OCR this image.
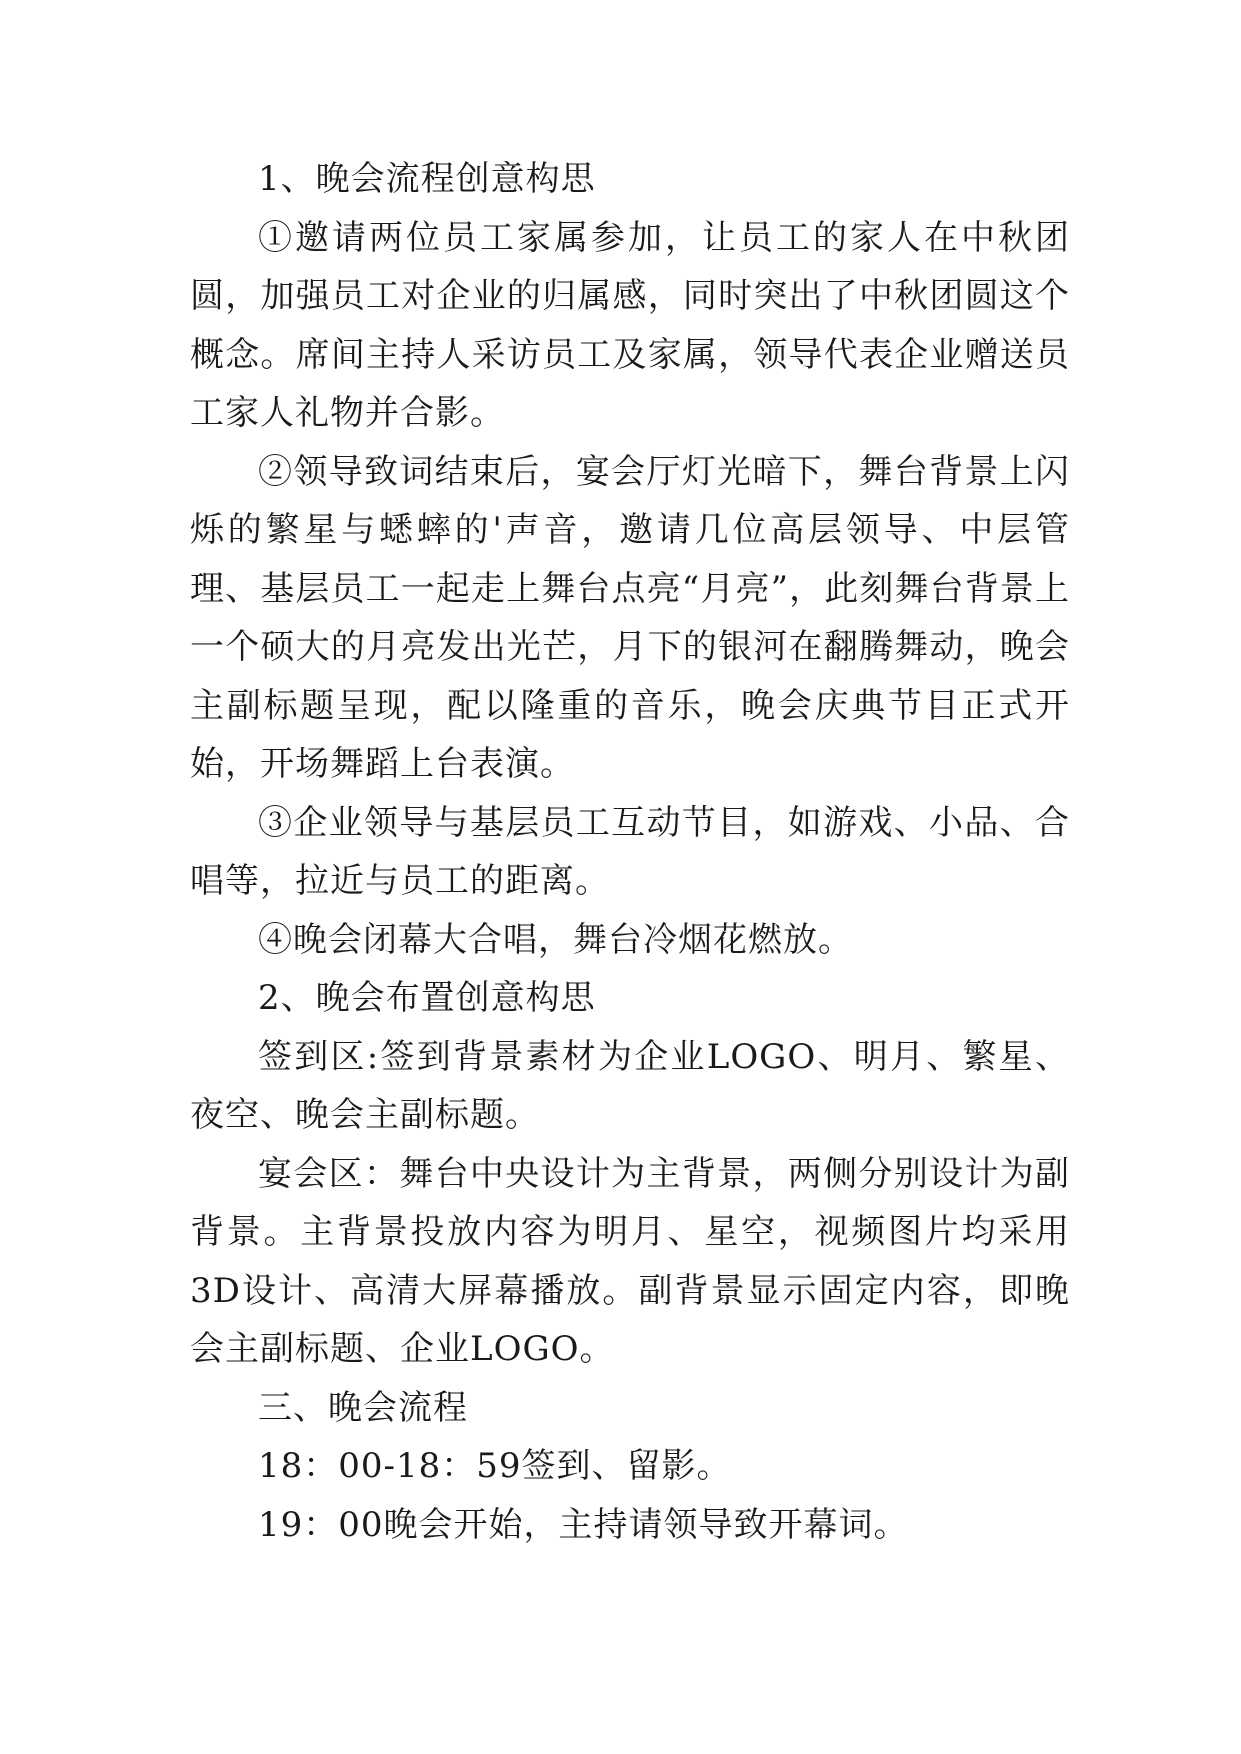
1、晚会流程创意构思

①邀请两位员工家属参加，让员工的家人在中秋团圆，加强员工对企业的归属感，同时突出了中秋团圆这个概念。席间主持人采访员工及家属，领导代表企业赠送员工家人礼物并合影。

②领导致词结束后，宴会厅灯光暗下，舞台背景上闪烁的繁星与蟋蟀的'声音，邀请几位高层领导、中层管理、基层员工一起走上舞台点亮“月亮”，此刻舞台背景上一个硕大的月亮发出光芒，月下的银河在翻腾舞动，晚会主副标题呈现，配以隆重的音乐，晚会庆典节目正式开始，开场舞蹈上台表演。

③企业领导与基层员工互动节目，如游戏、小品、合唱等，拉近与员工的距离。

④晚会闭幕大合唱，舞台冷烟花燃放。

2、晚会布置创意构思

签到区:签到背景素材为企业LOGO、明月、繁星、夜空、晚会主副标题。

宴会区：舞台中央设计为主背景，两侧分别设计为副背景。主背景投放内容为明月、星空，视频图片均采用3D设计、高清大屏幕播放。副背景显示固定内容，即晚会主副标题、企业LOGO。

三、晚会流程

18：00-18：59签到、留影。

19：00晚会开始，主持请领导致开幕词。
